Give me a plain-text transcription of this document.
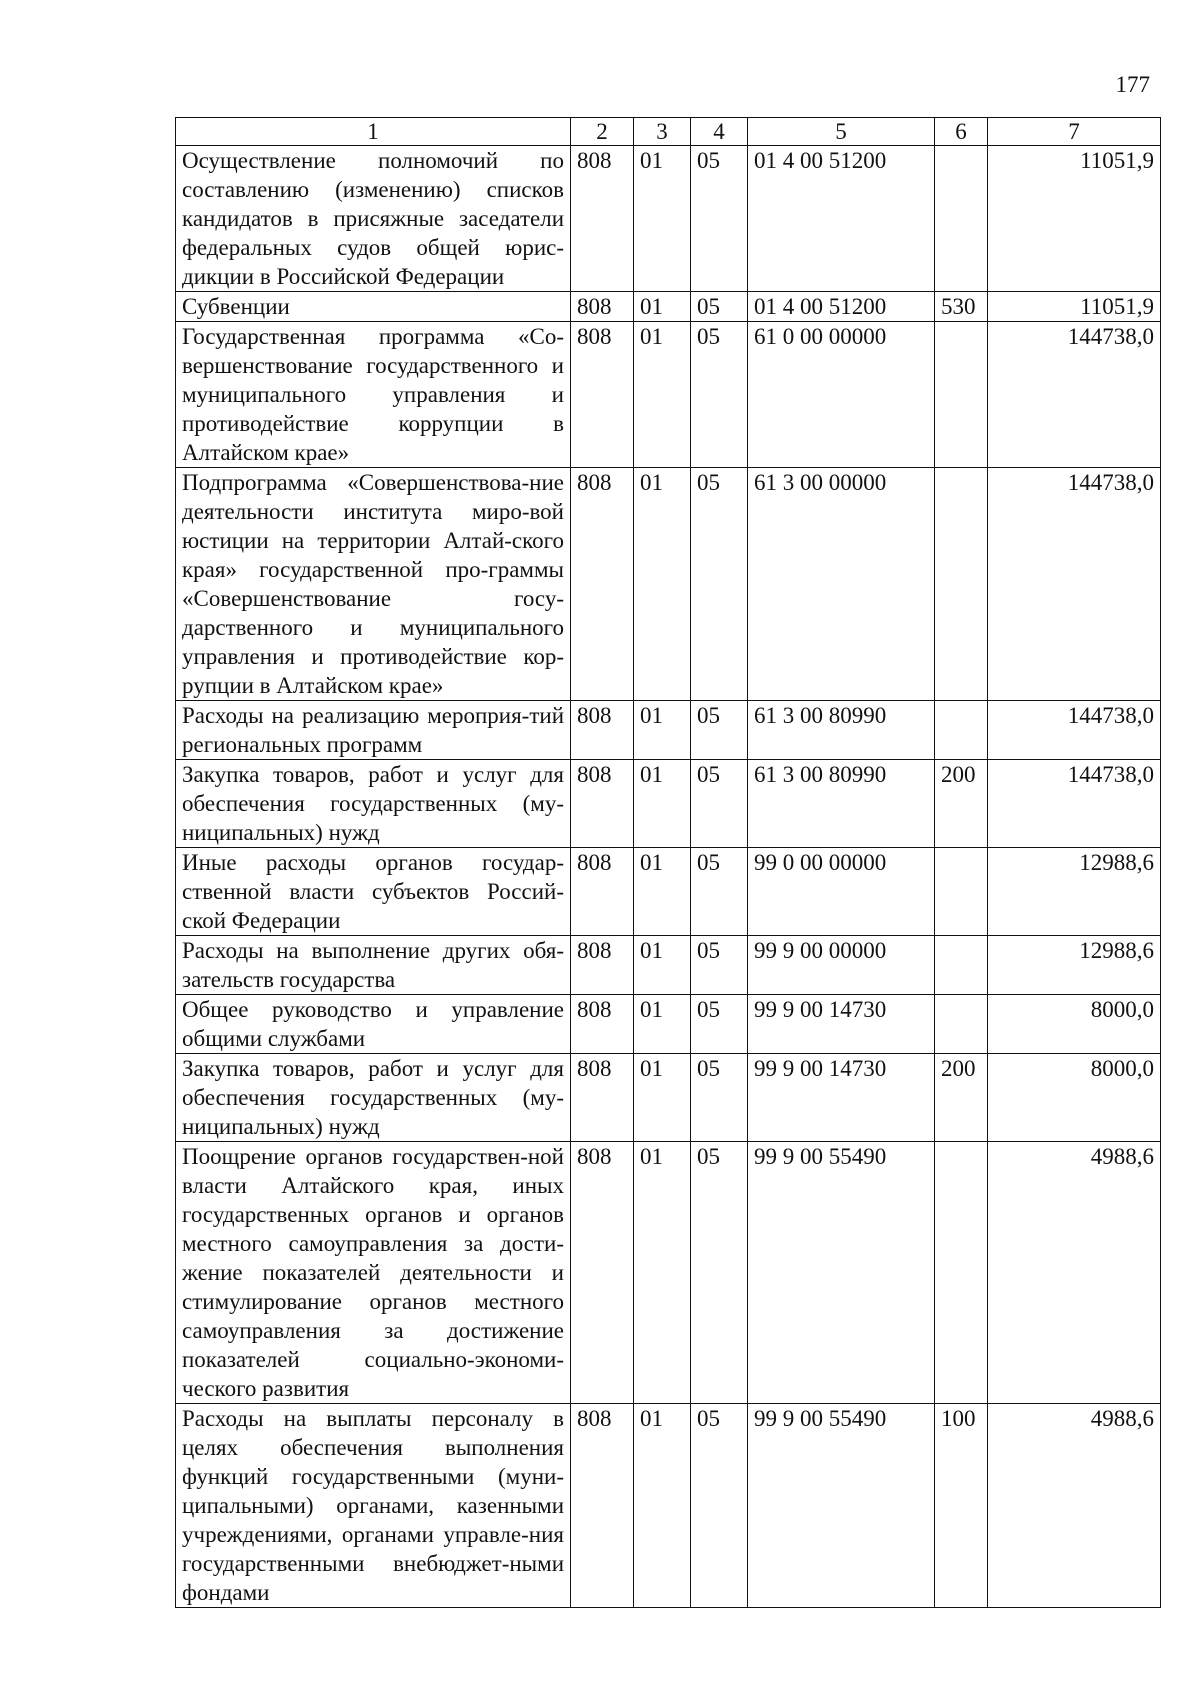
177
1	2	3	4	5	6	7
Осуществление полномочий по составлению (изменению) списков кандидатов в присяжные заседатели федеральных судов общей юрис-дикции в Российской Федерации	808	01	05	01 4 00 51200		11051,9
Субвенции	808	01	05	01 4 00 51200	530	11051,9
Государственная программа «Со-вершенствование государственного и муниципального управления и противодействие коррупции в Алтайском крае»	808	01	05	61 0 00 00000		144738,0
Подпрограмма «Совершенствова-ние деятельности института миро-вой юстиции на территории Алтай-ского края» государственной про-граммы «Совершенствование госу-дарственного и муниципального управления и противодействие кор-рупции в Алтайском крае»	808	01	05	61 3 00 00000		144738,0
Расходы на реализацию мероприя-тий региональных программ	808	01	05	61 3 00 80990		144738,0
Закупка товаров, работ и услуг для обеспечения государственных (му-ниципальных) нужд	808	01	05	61 3 00 80990	200	144738,0
Иные расходы органов государ-ственной власти субъектов Россий-ской Федерации	808	01	05	99 0 00 00000		12988,6
Расходы на выполнение других обя-зательств государства	808	01	05	99 9 00 00000		12988,6
Общее руководство и управление общими службами	808	01	05	99 9 00 14730		8000,0
Закупка товаров, работ и услуг для обеспечения государственных (му-ниципальных) нужд	808	01	05	99 9 00 14730	200	8000,0
Поощрение органов государствен-ной власти Алтайского края, иных государственных органов и органов местного самоуправления за дости-жение показателей деятельности и стимулирование органов местного самоуправления за достижение показателей социально-экономи-ческого развития	808	01	05	99 9 00 55490		4988,6
Расходы на выплаты персоналу в целях обеспечения выполнения функций государственными (муни-ципальными) органами, казенными учреждениями, органами управле-ния государственными внебюджет-ными фондами	808	01	05	99 9 00 55490	100	4988,6
